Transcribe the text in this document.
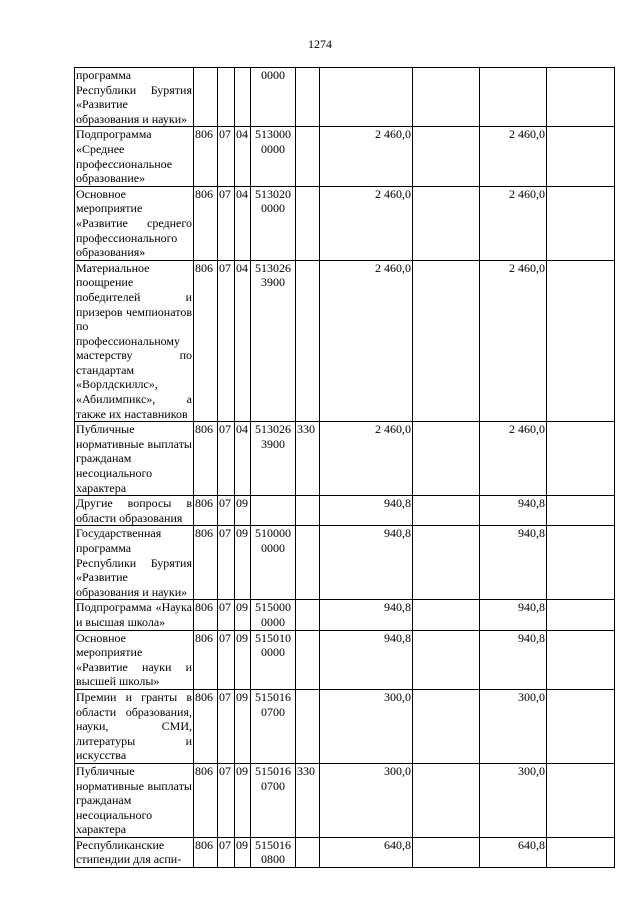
1274
программа Республики Бурятия «Развитие образования и науки»				0000					
Подпрограмма «Среднее профессиональное образование»	806	07	04	513000 0000		2 460,0		2 460,0	
Основное мероприятие «Развитие среднего профессионального образования»	806	07	04	513020 0000		2 460,0		2 460,0	
Материальное поощрение победителей и призеров чемпионатов по профессиональному мастерству по стандартам «Ворлдскиллс», «Абилимпикс», а также их наставников	806	07	04	513026 3900		2 460,0		2 460,0	
Публичные нормативные выплаты гражданам несоциального характера	806	07	04	513026 3900	330	2 460,0		2 460,0	
Другие вопросы в области образования	806	07	09			940,8		940,8	
Государственная программа Республики Бурятия «Развитие образования и науки»	806	07	09	510000 0000		940,8		940,8	
Подпрограмма «Наука и высшая школа»	806	07	09	515000 0000		940,8		940,8	
Основное мероприятие «Развитие науки и высшей школы»	806	07	09	515010 0000		940,8		940,8	
Премии и гранты в области образования, науки, СМИ, литературы и искусства	806	07	09	515016 0700		300,0		300,0	
Публичные нормативные выплаты гражданам несоциального характера	806	07	09	515016 0700	330	300,0		300,0	
Республиканские стипендии для аспи-	806	07	09	515016 0800		640,8		640,8	
